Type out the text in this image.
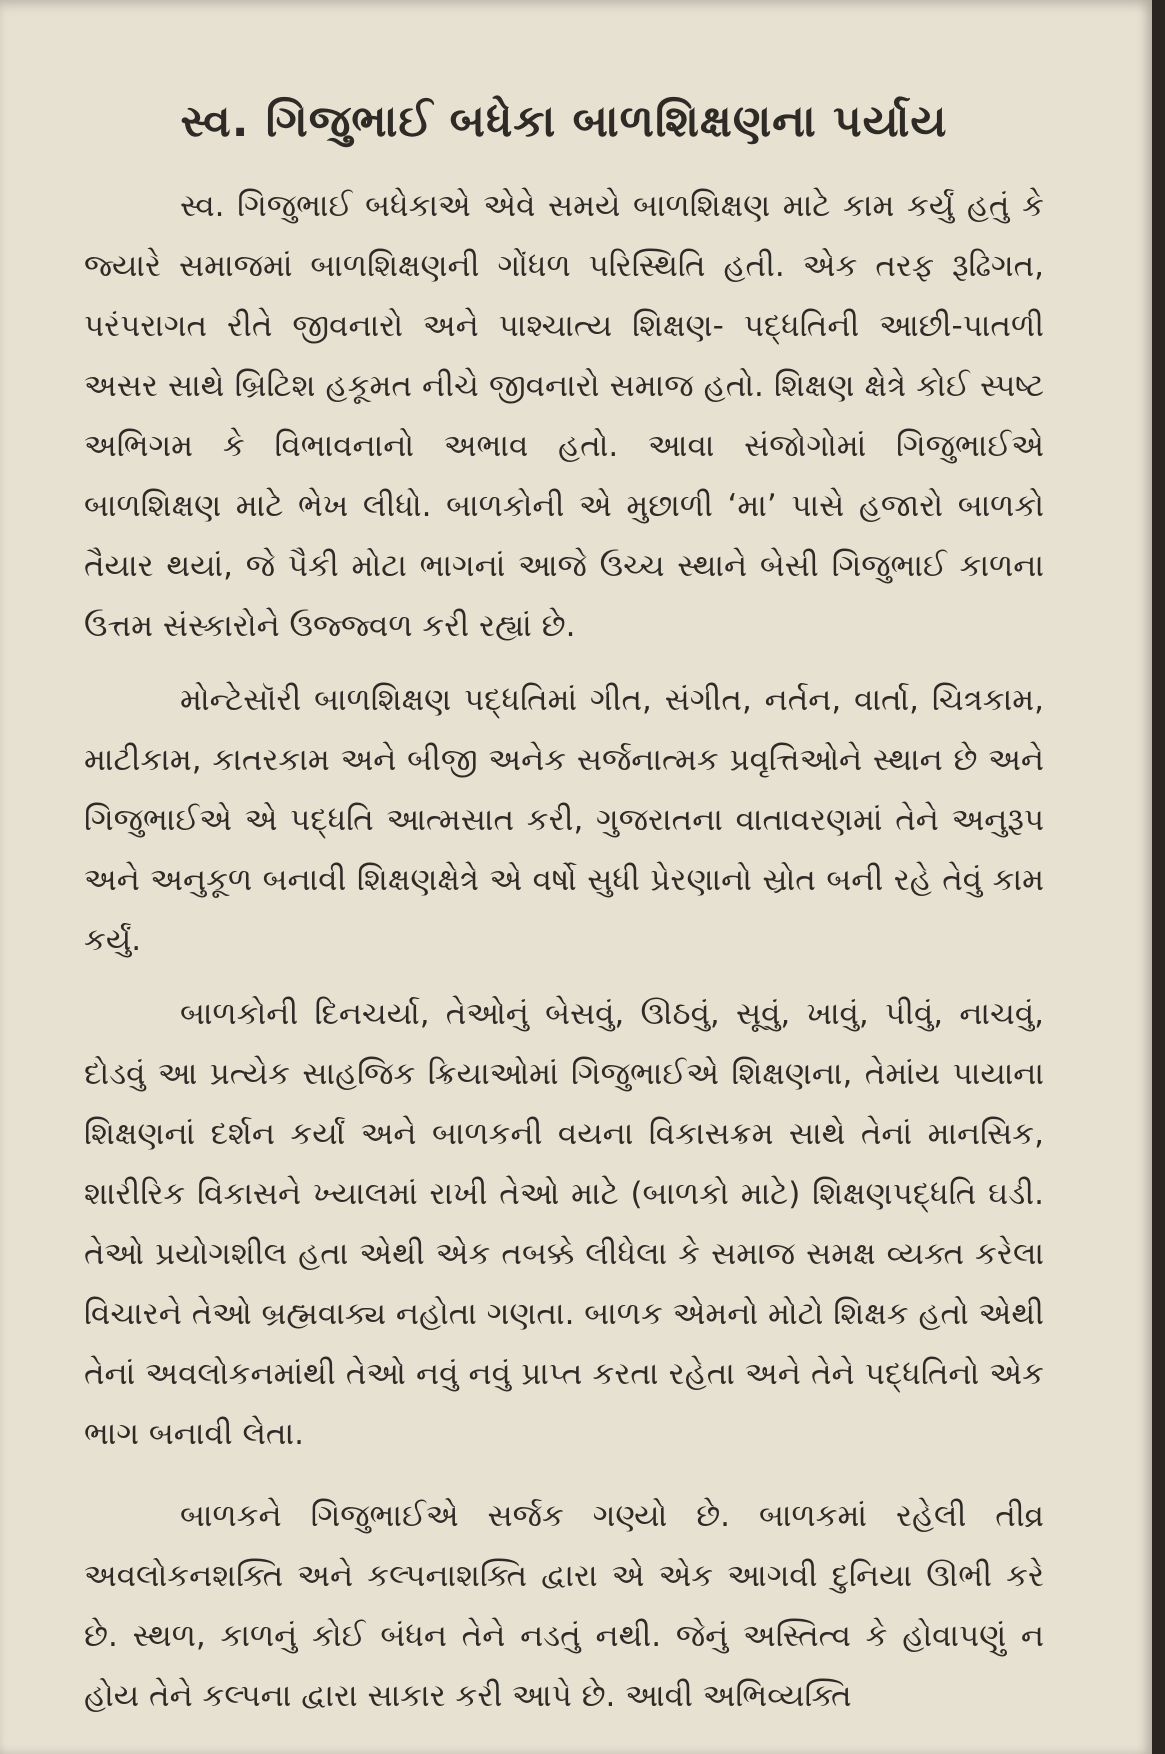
સ્વ. ગિજુભાઈ બધેકા બાળશિક્ષણના પર્યાય

સ્વ. ગિજુભાઈ બધેકાએ એવે સમયે બાળશિક્ષણ માટે કામ કર્યું હતું કે જ્યારે સમાજમાં બાળશિક્ષણની ગોંધળ પરિસ્થિતિ હતી. એક તરફ રૂઢિગત, પરંપરાગત રીતે જીવનારો અને પાશ્ચાત્ય શિક્ષણ- પદ્ધતિની આછી-પાતળી અસર સાથે બ્રિટિશ હકૂમત નીચે જીવનારો સમાજ હતો. શિક્ષણ ક્ષેત્રે કોઈ સ્પષ્ટ અભિગમ કે વિભાવનાનો અભાવ હતો. આવા સંજોગોમાં ગિજુભાઈએ બાળશિક્ષણ માટે ભેખ લીધો. બાળકોની એ મુછાળી ‘મા’ પાસે હજારો બાળકો તૈયાર થયાં, જે પૈકી મોટા ભાગનાં આજે ઉચ્ચ સ્થાને બેસી ગિજુભાઈ કાળના ઉત્તમ સંસ્કારોને ઉજ્જ્વળ કરી રહ્યાં છે.

મોન્ટેસૉરી બાળશિક્ષણ પદ્ધતિમાં ગીત, સંગીત, નર્તન, વાર્તા, ચિત્રકામ, માટીકામ, કાતરકામ અને બીજી અનેક સર્જનાત્મક પ્રવૃત્તિઓને સ્થાન છે અને ગિજુભાઈએ એ પદ્ધતિ આત્મસાત કરી, ગુજરાતના વાતાવરણમાં તેને અનુરૂપ અને અનુકૂળ બનાવી શિક્ષણક્ષેત્રે એ વર્ષો સુધી પ્રેરણાનો સ્રોત બની રહે તેવું કામ કર્યું.

બાળકોની દિનચર્યા, તેઓનું બેસવું, ઊઠવું, સૂવું, ખાવું, પીવું, નાચવું, દોડવું આ પ્રત્યેક સાહજિક ક્રિયાઓમાં ગિજુભાઈએ શિક્ષણના, તેમાંય પાયાના શિક્ષણનાં દર્શન કર્યાં અને બાળકની વયના વિકાસક્રમ સાથે તેનાં માનસિક, શારીરિક વિકાસને ખ્યાલમાં રાખી તેઓ માટે (બાળકો માટે) શિક્ષણપદ્ધતિ ઘડી. તેઓ પ્રયોગશીલ હતા એથી એક તબક્કે લીધેલા કે સમાજ સમક્ષ વ્યક્ત કરેલા વિચારને તેઓ બ્રહ્મવાક્ય નહોતા ગણતા. બાળક એમનો મોટો શિક્ષક હતો એથી તેનાં અવલોકનમાંથી તેઓ નવું નવું પ્રાપ્ત કરતા રહેતા અને તેને પદ્ધતિનો એક ભાગ બનાવી લેતા.

બાળકને ગિજુભાઈએ સર્જક ગણ્યો છે. બાળકમાં રહેલી તીવ્ર અવલોકનશક્તિ અને કલ્પનાશક્તિ દ્વારા એ એક આગવી દુનિયા ઊભી કરે છે. સ્થળ, કાળનું કોઈ બંધન તેને નડતું નથી. જેનું અસ્તિત્વ કે હોવાપણું ન હોય તેને કલ્પના દ્વારા સાકાર કરી આપે છે. આવી અભિવ્યક્તિ
